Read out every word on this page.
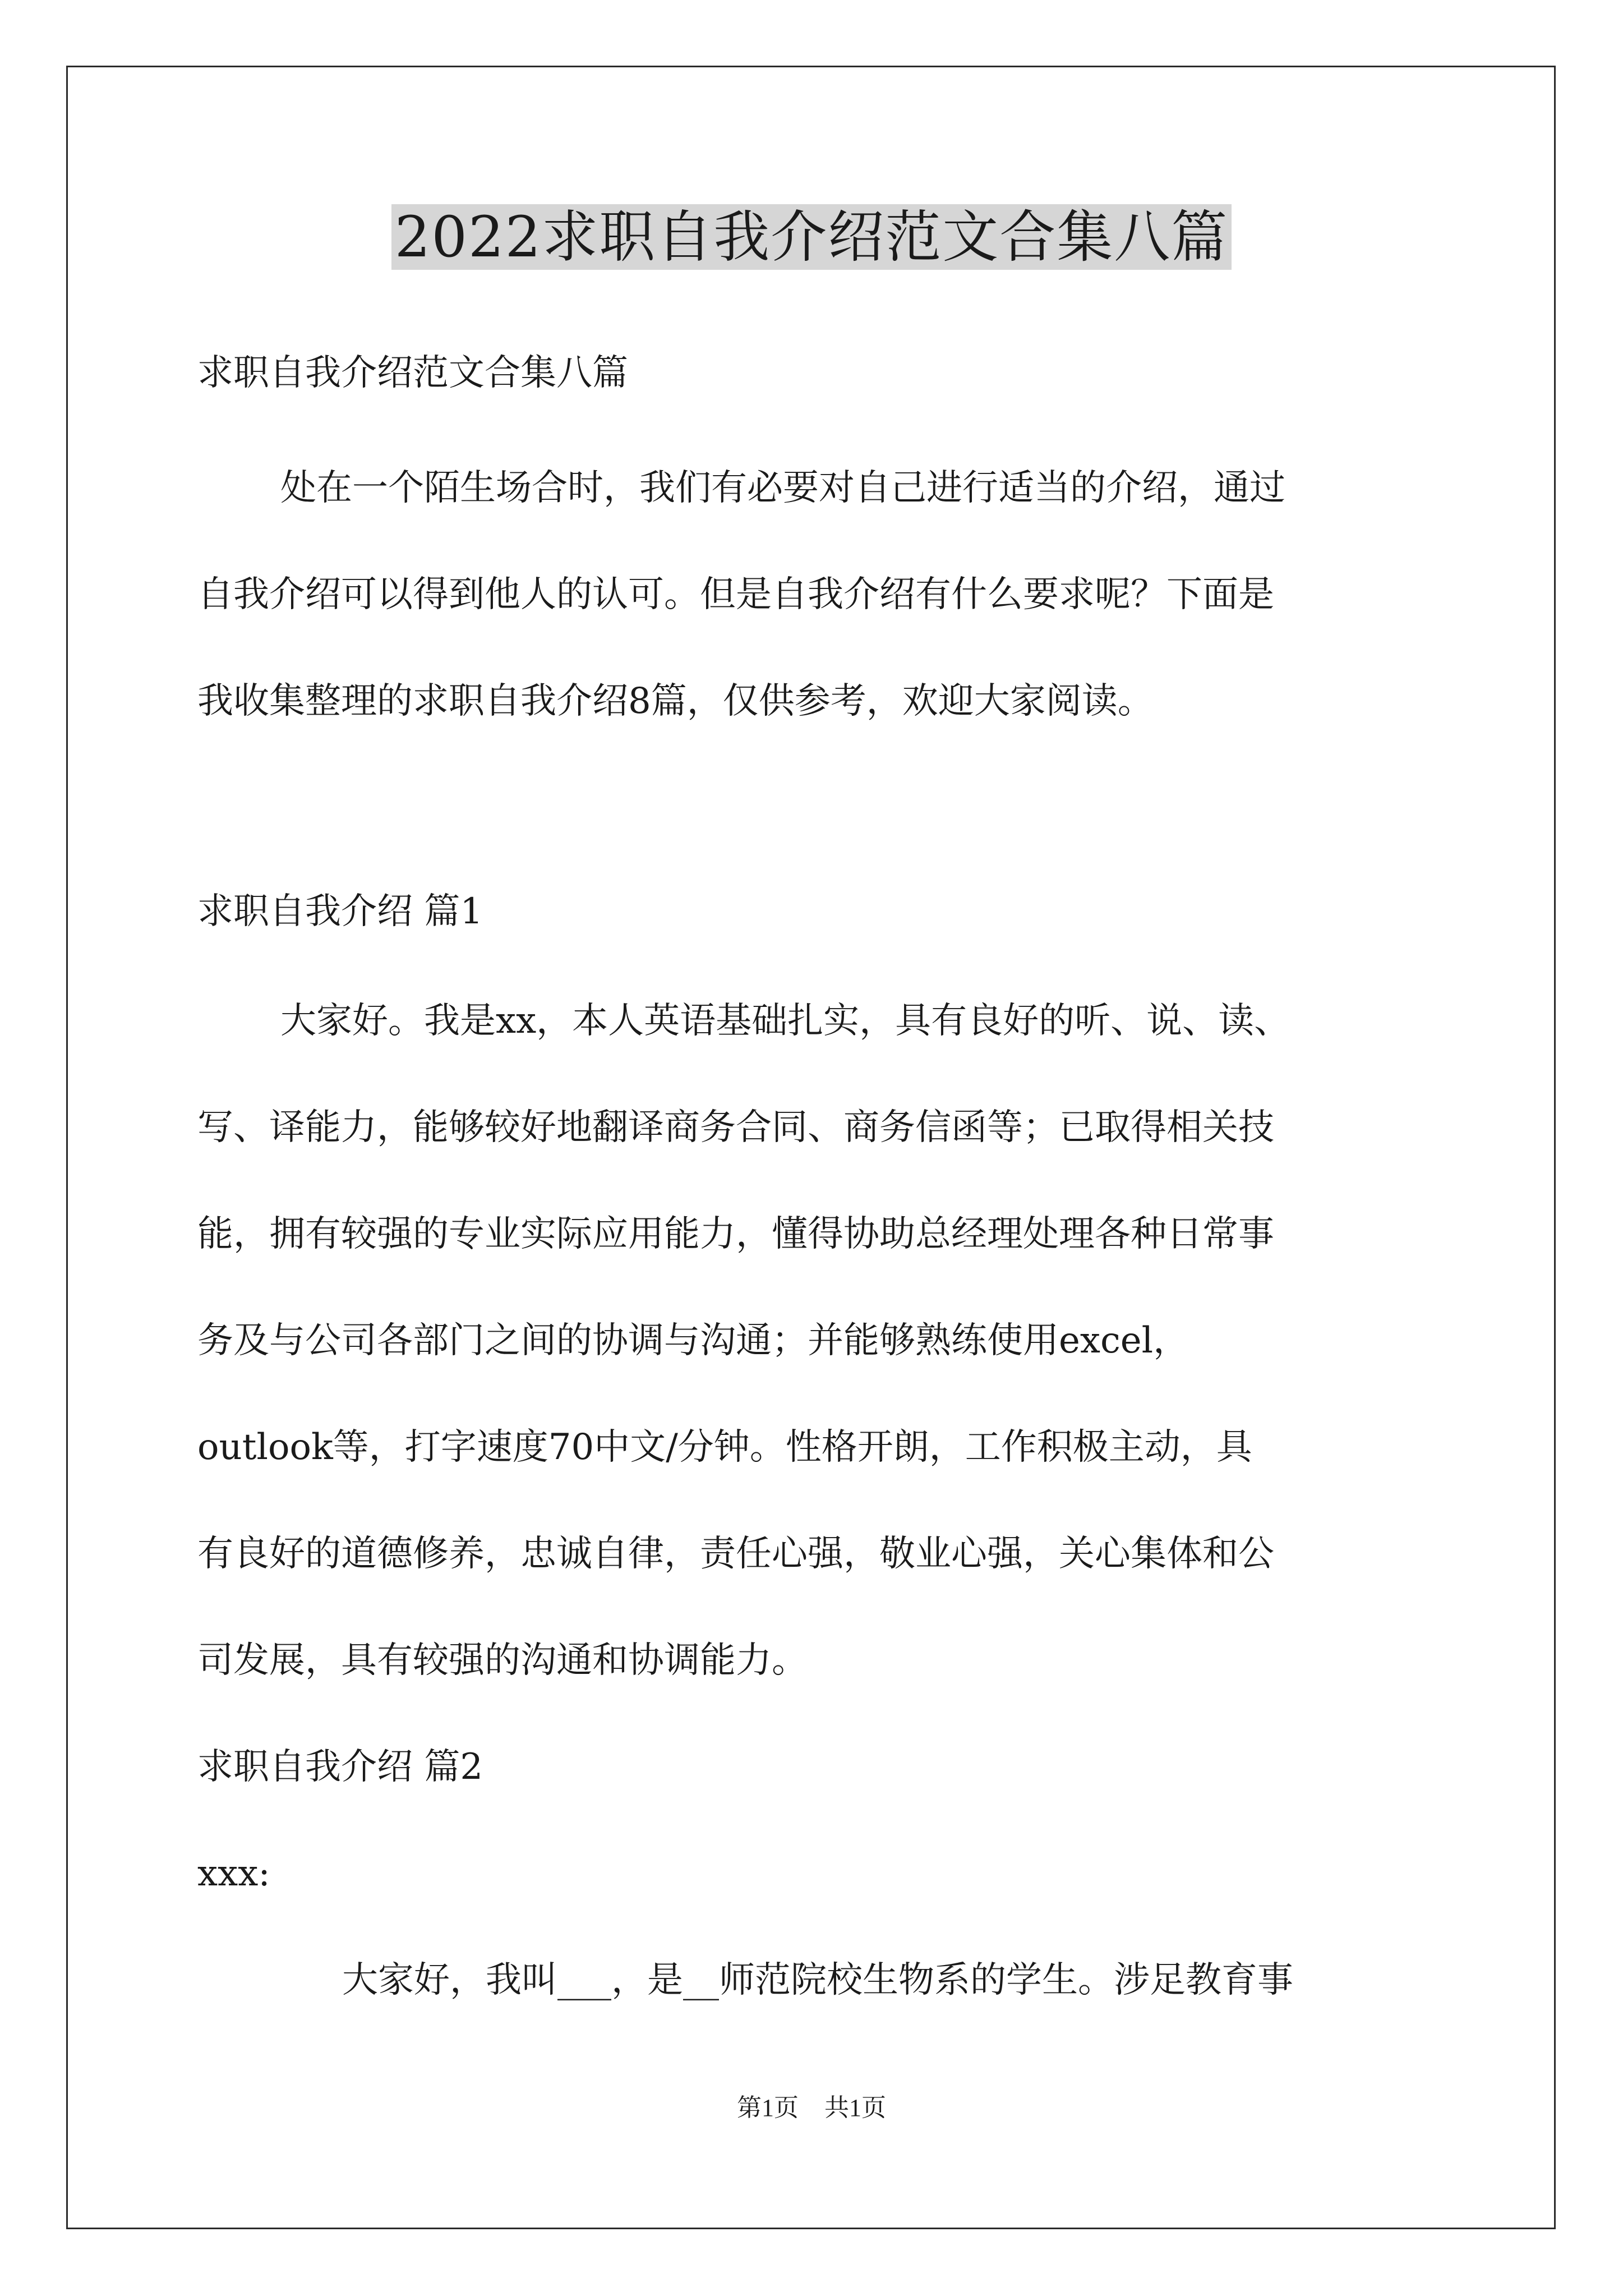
2022求职自我介绍范文合集八篇
求职自我介绍范文合集八篇
处在一个陌生场合时，我们有必要对自己进行适当的介绍，通过
自我介绍可以得到他人的认可。但是自我介绍有什么要求呢？下面是
我收集整理的求职自我介绍8篇，仅供参考，欢迎大家阅读。
求职自我介绍 篇1
大家好。我是xx，本人英语基础扎实，具有良好的听、说、读、
写、译能力，能够较好地翻译商务合同、商务信函等；已取得相关技
能，拥有较强的专业实际应用能力，懂得协助总经理处理各种日常事
务及与公司各部门之间的协调与沟通；并能够熟练使用excel，
outlook等，打字速度70中文/分钟。性格开朗，工作积极主动，具
有良好的道德修养，忠诚自律，责任心强，敬业心强，关心集体和公
司发展，具有较强的沟通和协调能力。
求职自我介绍 篇2
xxx:
大家好，我叫___，是__师范院校生物系的学生。涉足教育事
第1页 共1页
